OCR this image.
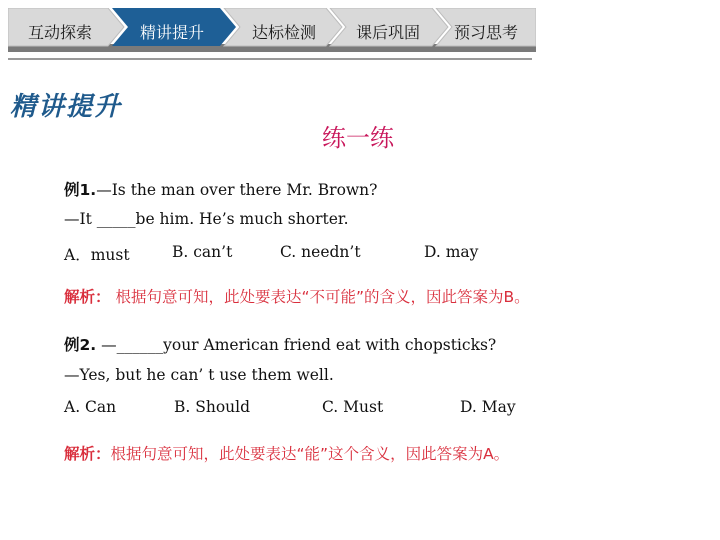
互动探索	精讲提升	达标检测 课后巩固 预习思考
精讲提升
练一练
例1.—Is the man over there Mr. Brown?
—It _____be him. He’s much shorter.
A．must	B. can’t	C. needn’t	D. may
解析： 根据句意可知，此处要表达“不可能”的含义，因此答案为B。
例2. —______your American friend eat with chopsticks?
—Yes, but he can’ t use them well.
A. Can	B. Should	C. Must	D. May
解析：根据句意可知，此处要表达“能”这个含义，因此答案为A。
